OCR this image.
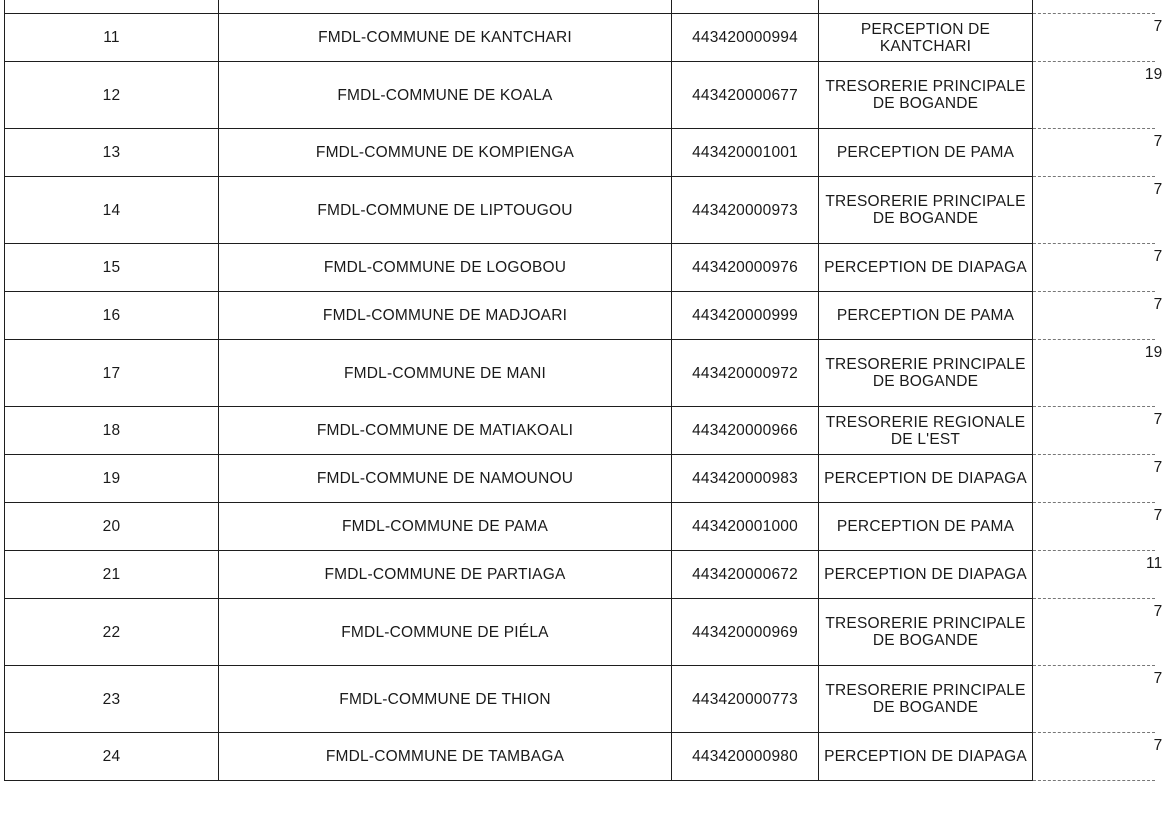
11	FMDL-COMMUNE DE KANTCHARI	443420000994	PERCEPTION DE KANTCHARI	7
12	FMDL-COMMUNE DE KOALA	443420000677	TRESORERIE PRINCIPALE DE BOGANDE	19
13	FMDL-COMMUNE DE KOMPIENGA	443420001001	PERCEPTION DE PAMA	7
14	FMDL-COMMUNE DE LIPTOUGOU	443420000973	TRESORERIE PRINCIPALE DE BOGANDE	7
15	FMDL-COMMUNE DE LOGOBOU	443420000976	PERCEPTION DE DIAPAGA	7
16	FMDL-COMMUNE DE MADJOARI	443420000999	PERCEPTION DE PAMA	7
17	FMDL-COMMUNE DE MANI	443420000972	TRESORERIE PRINCIPALE DE BOGANDE	19
18	FMDL-COMMUNE DE MATIAKOALI	443420000966	TRESORERIE REGIONALE DE L'EST	7
19	FMDL-COMMUNE DE NAMOUNOU	443420000983	PERCEPTION DE DIAPAGA	7
20	FMDL-COMMUNE DE PAMA	443420001000	PERCEPTION DE PAMA	7
21	FMDL-COMMUNE DE PARTIAGA	443420000672	PERCEPTION DE DIAPAGA	11
22	FMDL-COMMUNE DE PIÉLA	443420000969	TRESORERIE PRINCIPALE DE BOGANDE	7
23	FMDL-COMMUNE DE THION	443420000773	TRESORERIE PRINCIPALE DE BOGANDE	7
24	FMDL-COMMUNE DE TAMBAGA	443420000980	PERCEPTION DE DIAPAGA	7
